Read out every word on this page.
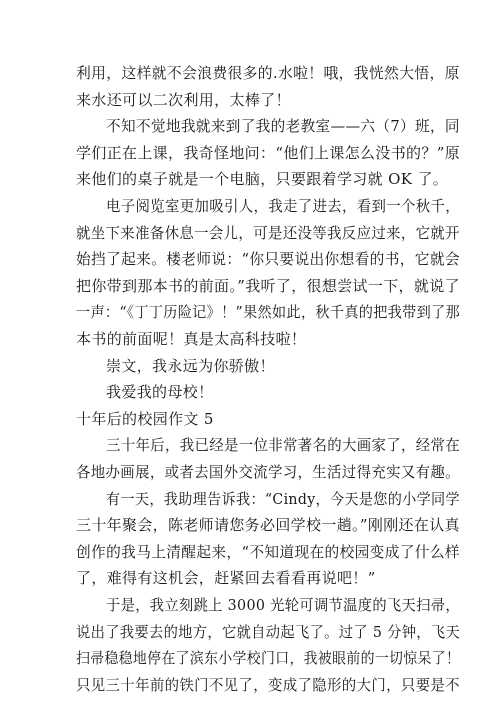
利用，这样就不会浪费很多的.水啦！哦，我恍然大悟，原
来水还可以二次利用，太棒了！
不知不觉地我就来到了我的老教室——六（7）班，同
学们正在上课，我奇怪地问：“他们上课怎么没书的？”原
来他们的桌子就是一个电脑，只要跟着学习就 OK 了。
电子阅览室更加吸引人，我走了进去，看到一个秋千，
就坐下来准备休息一会儿，可是还没等我反应过来，它就开
始挡了起来。楼老师说：“你只要说出你想看的书，它就会
把你带到那本书的前面。”我听了，很想尝试一下，就说了
一声：“《丁丁历险记》！”果然如此，秋千真的把我带到了那
本书的前面呢！真是太高科技啦！
崇文，我永远为你骄傲！
我爱我的母校！
十年后的校园作文 5
三十年后，我已经是一位非常著名的大画家了，经常在
各地办画展，或者去国外交流学习，生活过得充实又有趣。
有一天，我助理告诉我：“Cindy，今天是您的小学同学
三十年聚会，陈老师请您务必回学校一趟。”刚刚还在认真
创作的我马上清醒起来，“不知道现在的校园变成了什么样
了，难得有这机会，赶紧回去看看再说吧！”
于是，我立刻跳上 3000 光轮可调节温度的飞天扫帚，
说出了我要去的地方，它就自动起飞了。过了 5 分钟，飞天
扫帚稳稳地停在了滨东小学校门口，我被眼前的一切惊呆了！
只见三十年前的铁门不见了，变成了隐形的大门，只要是不
